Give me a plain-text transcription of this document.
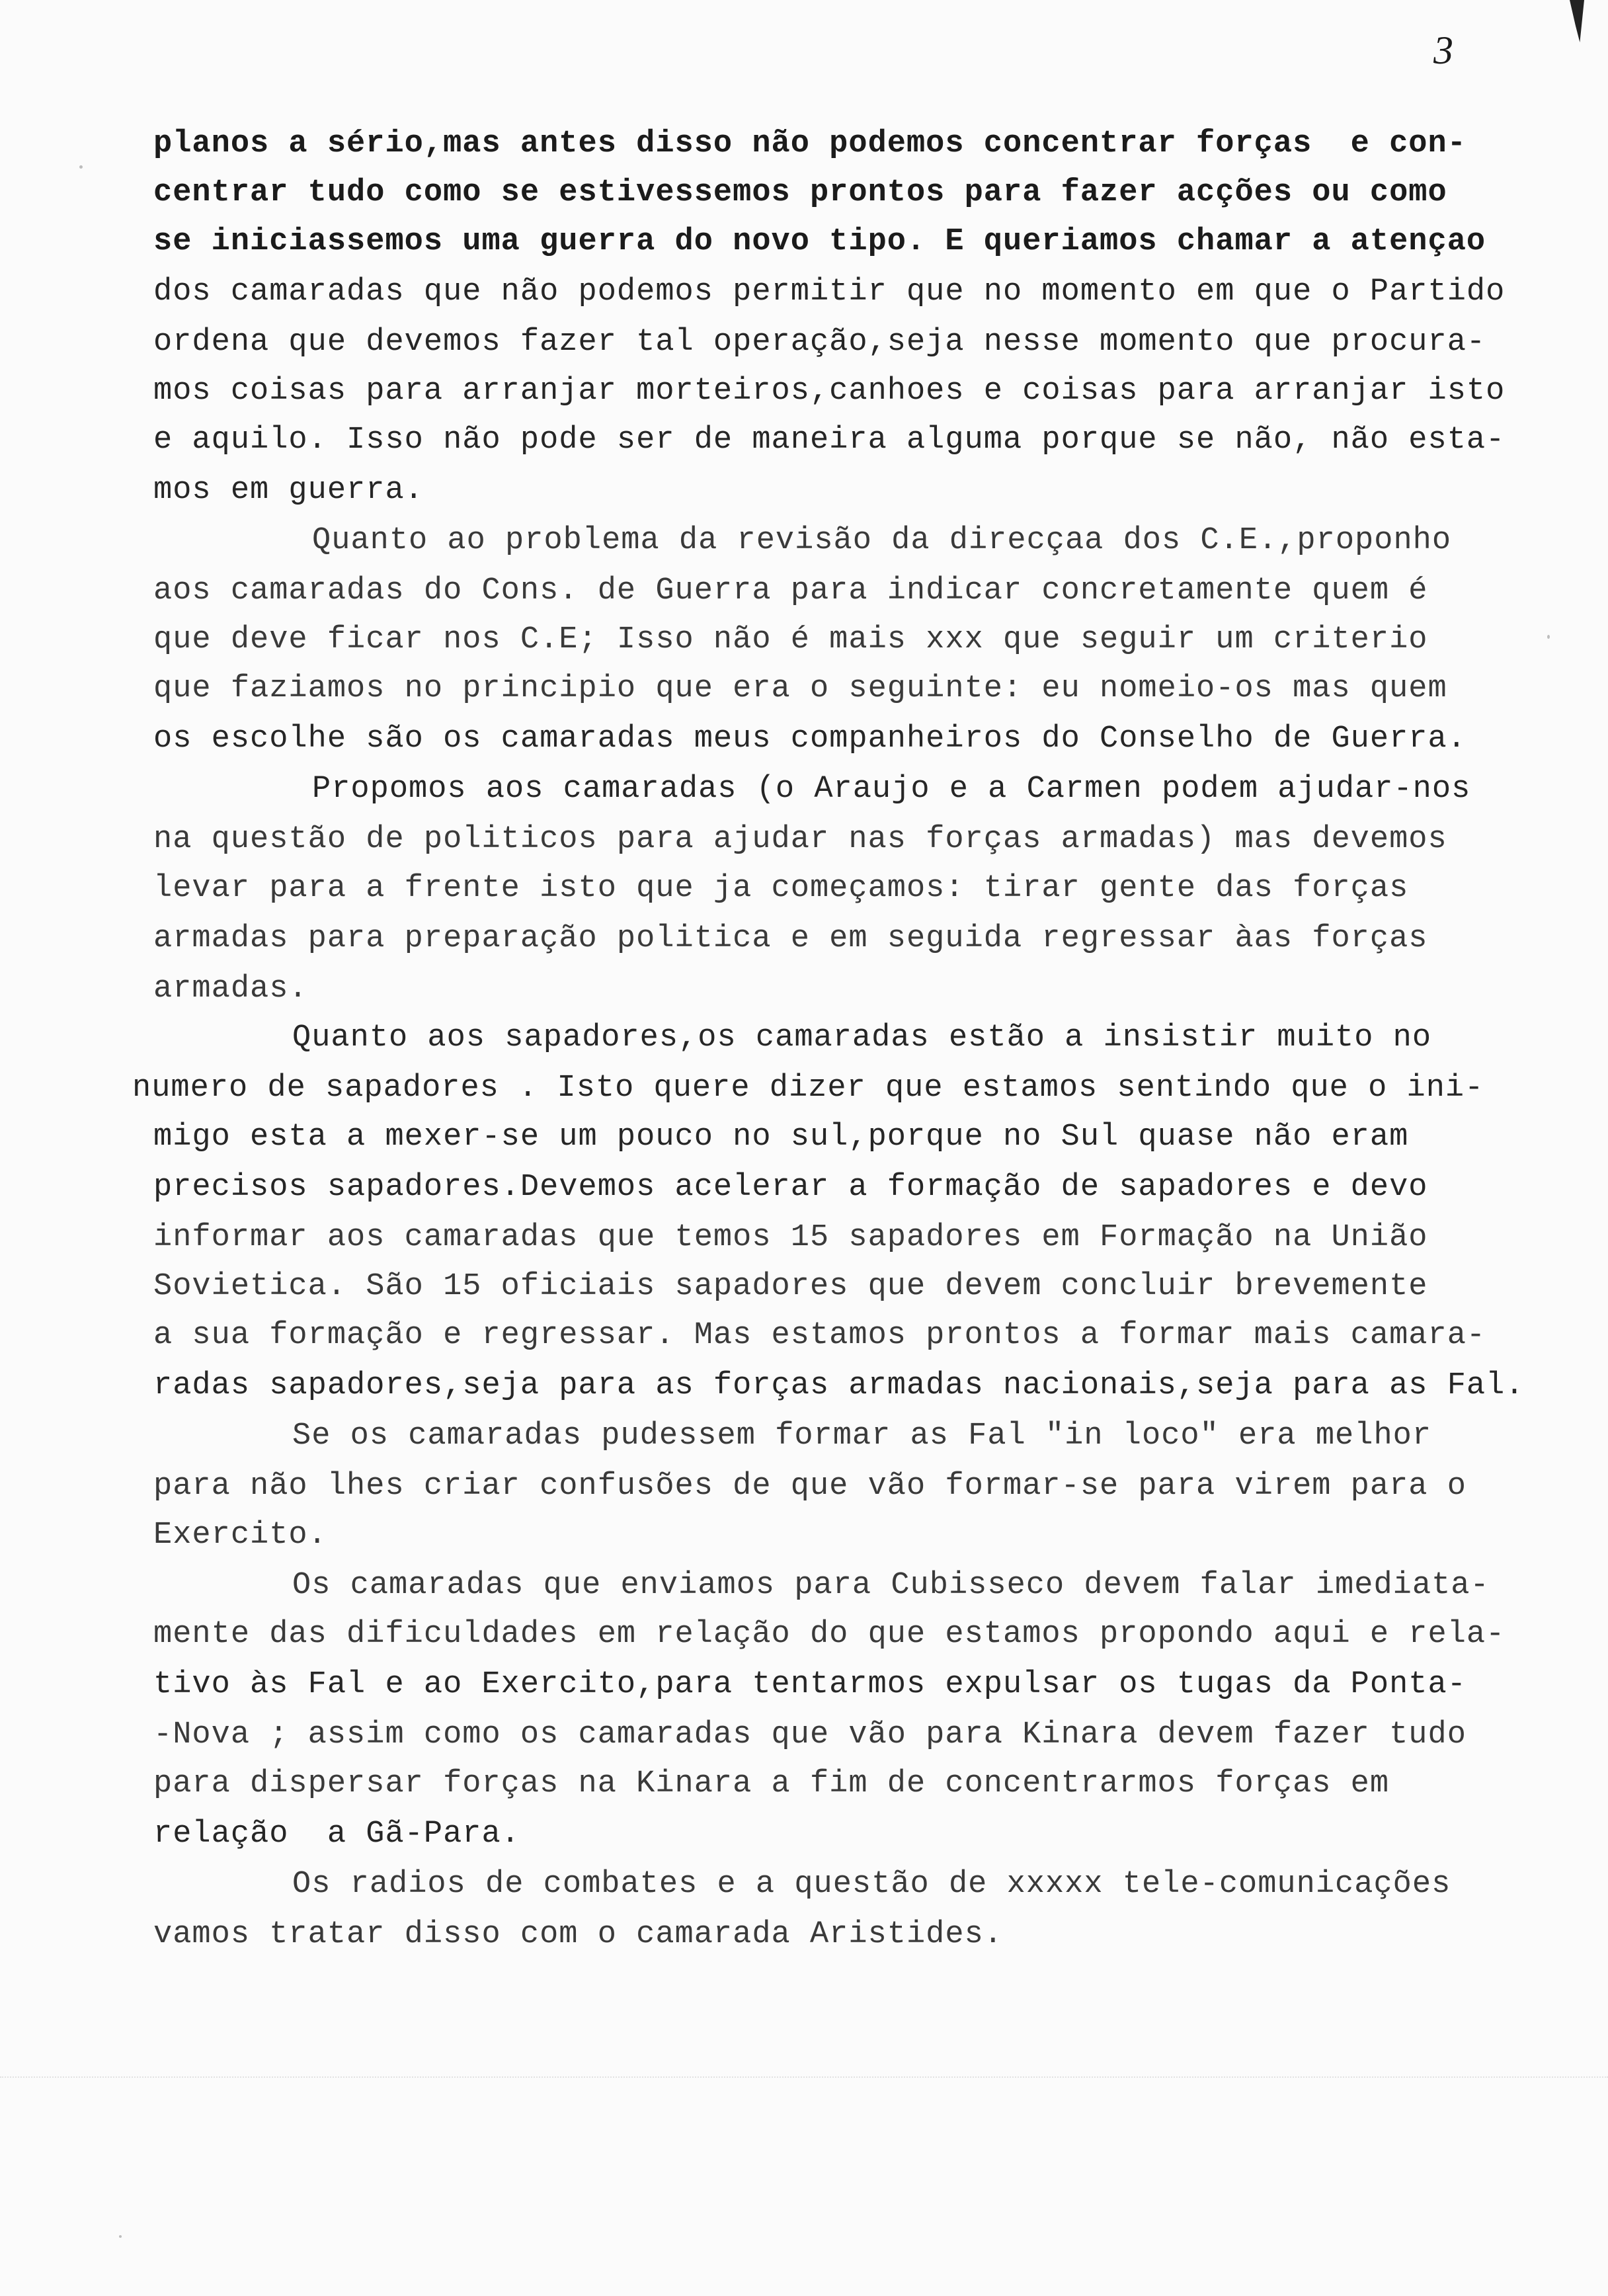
3
planos a sério,mas antes disso não podemos concentrar forças  e con-
centrar tudo como se estivessemos prontos para fazer acções ou como
se iniciassemos uma guerra do novo tipo. E queriamos chamar a atençao
dos camaradas que não podemos permitir que no momento em que o Partido
ordena que devemos fazer tal operação,seja nesse momento que procura-
mos coisas para arranjar morteiros,canhoes e coisas para arranjar isto
e aquilo. Isso não pode ser de maneira alguma porque se não, não esta-
mos em guerra.
Quanto ao problema da revisão da direcçaa dos C.E.,proponho
aos camaradas do Cons. de Guerra para indicar concretamente quem é
que deve ficar nos C.E; Isso não é mais xxx que seguir um criterio
que faziamos no principio que era o seguinte: eu nomeio-os mas quem
os escolhe são os camaradas meus companheiros do Conselho de Guerra.
Propomos aos camaradas (o Araujo e a Carmen podem ajudar-nos
na questão de politicos para ajudar nas forças armadas) mas devemos
levar para a frente isto que ja começamos: tirar gente das forças
armadas para preparação politica e em seguida regressar àas forças
armadas.
Quanto aos sapadores,os camaradas estão a insistir muito no
numero de sapadores . Isto quere dizer que estamos sentindo que o ini-
migo esta a mexer-se um pouco no sul,porque no Sul quase não eram
precisos sapadores.Devemos acelerar a formação de sapadores e devo
informar aos camaradas que temos 15 sapadores em Formação na União
Sovietica. São 15 oficiais sapadores que devem concluir brevemente
a sua formação e regressar. Mas estamos prontos a formar mais camara-
radas sapadores,seja para as forças armadas nacionais,seja para as Fal.
Se os camaradas pudessem formar as Fal "in loco" era melhor
para não lhes criar confusões de que vão formar-se para virem para o
Exercito.
Os camaradas que enviamos para Cubisseco devem falar imediata-
mente das dificuldades em relação do que estamos propondo aqui e rela-
tivo às Fal e ao Exercito,para tentarmos expulsar os tugas da Ponta-
-Nova ; assim como os camaradas que vão para Kinara devem fazer tudo
para dispersar forças na Kinara a fim de concentrarmos forças em
relação  a Gã-Para.
Os radios de combates e a questão de xxxxx tele-comunicações
vamos tratar disso com o camarada Aristides.
